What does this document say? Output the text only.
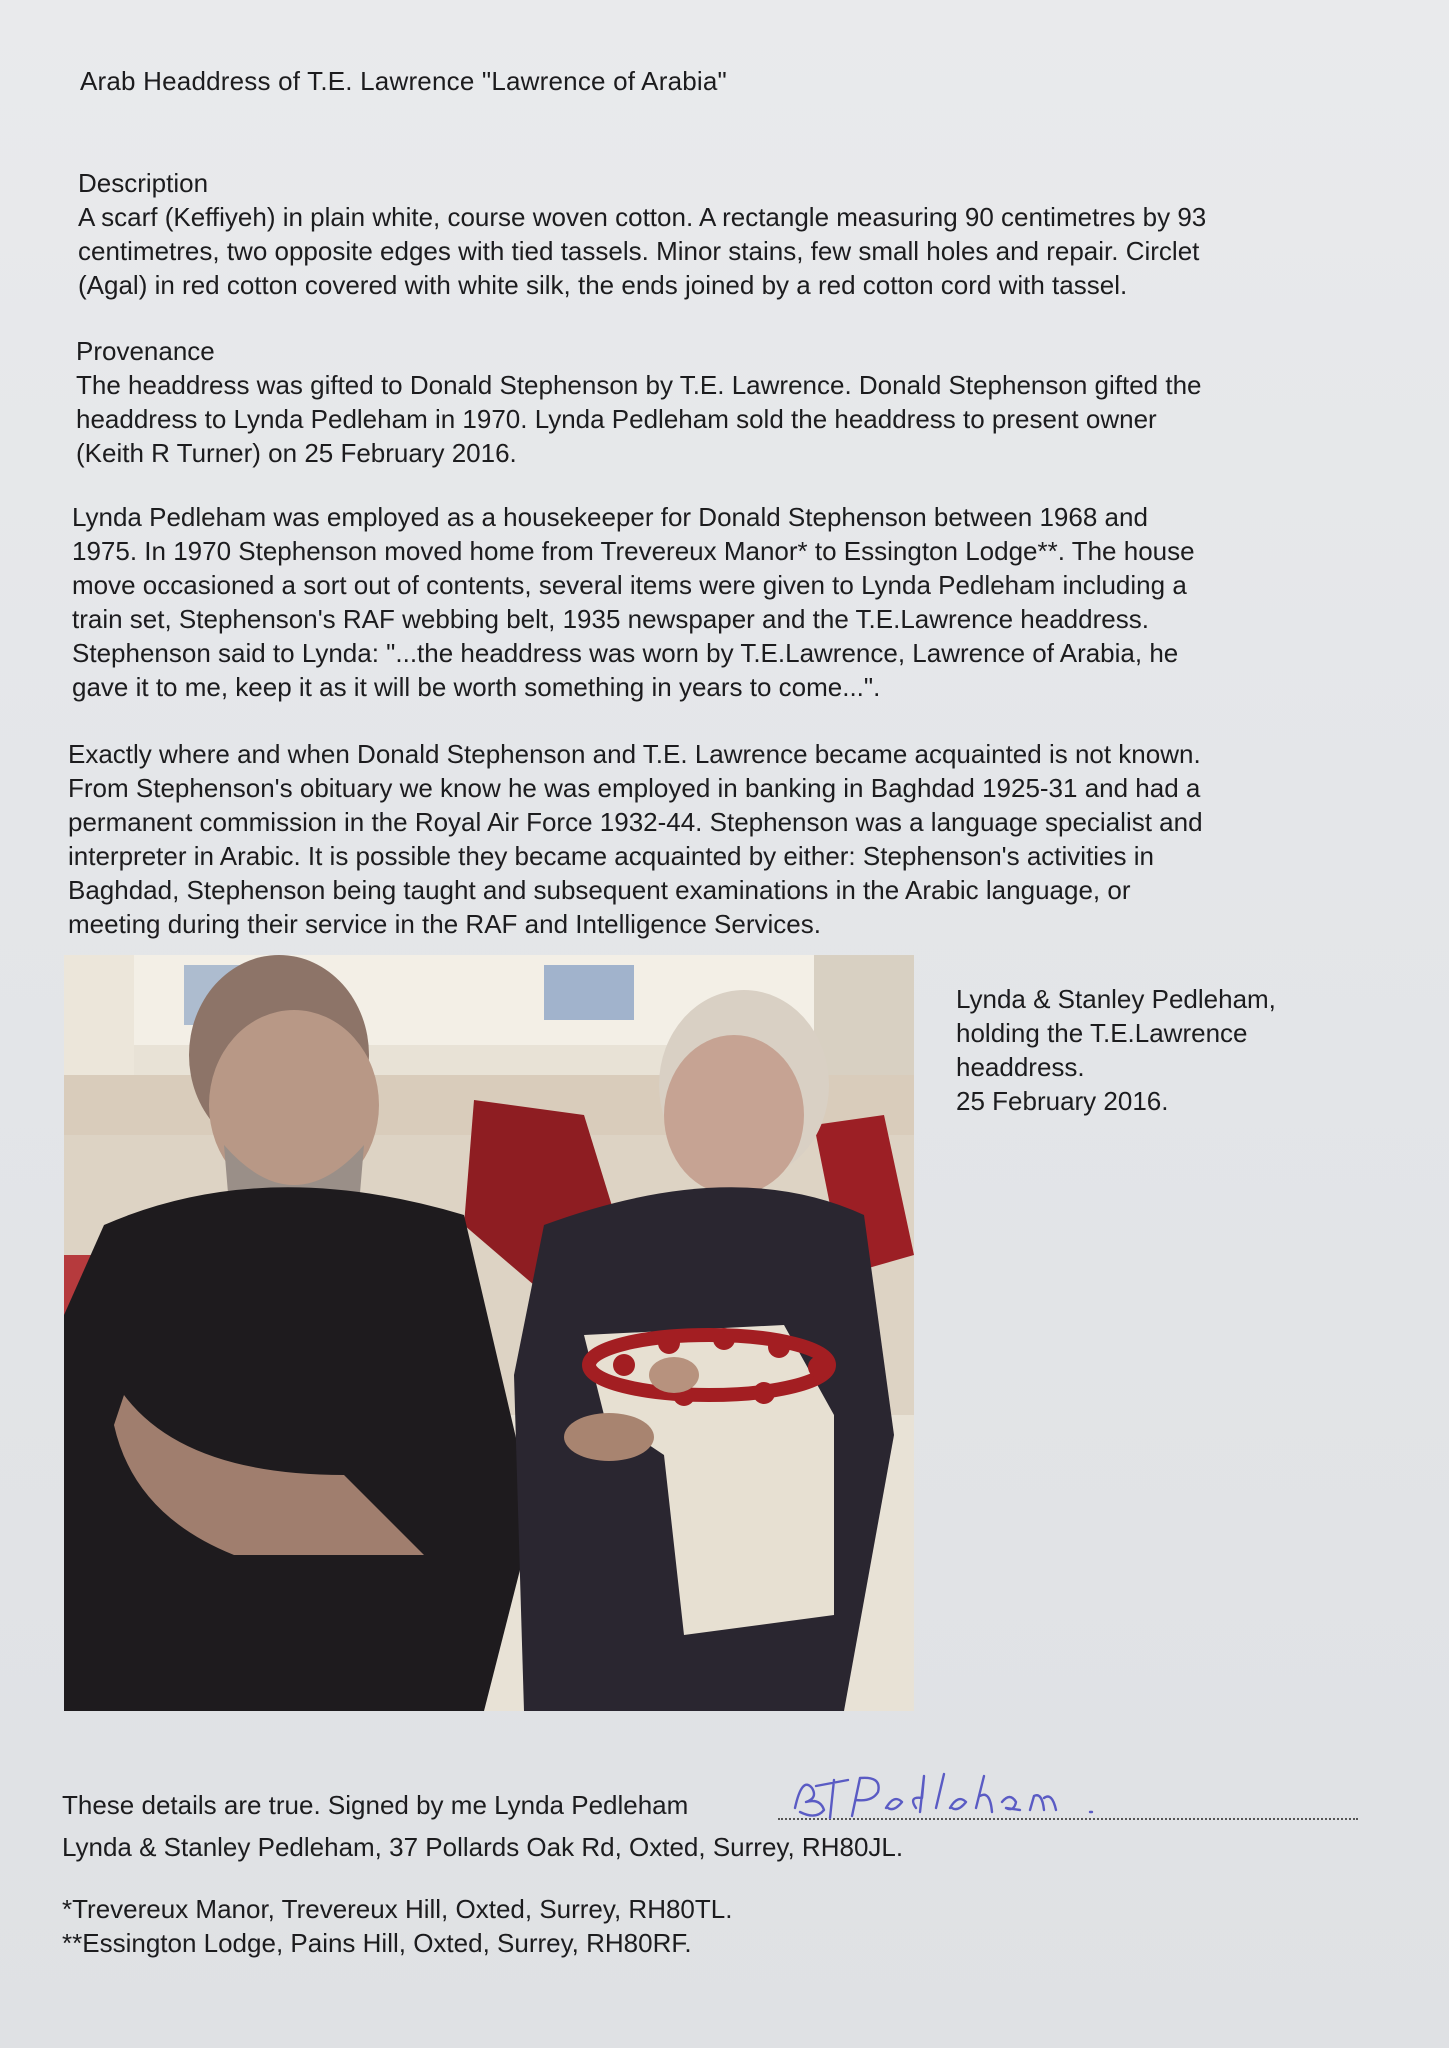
Arab Headdress of T.E. Lawrence "Lawrence of Arabia"
Description
A scarf (Keffiyeh) in plain white, course woven cotton. A rectangle measuring 90 centimetres by 93
centimetres, two opposite edges with tied tassels. Minor stains, few small holes and repair. Circlet
(Agal) in red cotton covered with white silk, the ends joined by a red cotton cord with tassel.
Provenance
The headdress was gifted to Donald Stephenson by T.E. Lawrence. Donald Stephenson gifted the
headdress to Lynda Pedleham in 1970. Lynda Pedleham sold the headdress to present owner
(Keith R Turner) on 25 February 2016.
Lynda Pedleham was employed as a housekeeper for Donald Stephenson between 1968 and
1975. In 1970 Stephenson moved home from Trevereux Manor* to Essington Lodge**. The house
move occasioned a sort out of contents, several items were given to Lynda Pedleham including a
train set, Stephenson's RAF webbing belt, 1935 newspaper and the T.E.Lawrence headdress.
Stephenson said to Lynda: "...the headdress was worn by T.E.Lawrence, Lawrence of Arabia, he
gave it to me, keep it as it will be worth something in years to come...".
Exactly where and when Donald Stephenson and T.E. Lawrence became acquainted is not known.
From Stephenson's obituary we know he was employed in banking in Baghdad 1925-31 and had a
permanent commission in the Royal Air Force 1932-44. Stephenson was a language specialist and
interpreter in Arabic. It is possible they became acquainted by either: Stephenson's activities in
Baghdad, Stephenson being taught and subsequent examinations in the Arabic language, or
meeting during their service in the RAF and Intelligence Services.
Lynda & Stanley Pedleham,
holding the T.E.Lawrence
headdress.
25 February 2016.
These details are true. Signed by me Lynda Pedleham
Lynda & Stanley Pedleham, 37 Pollards Oak Rd, Oxted, Surrey, RH80JL.
*Trevereux Manor, Trevereux Hill, Oxted, Surrey, RH80TL.
**Essington Lodge, Pains Hill, Oxted, Surrey, RH80RF.
